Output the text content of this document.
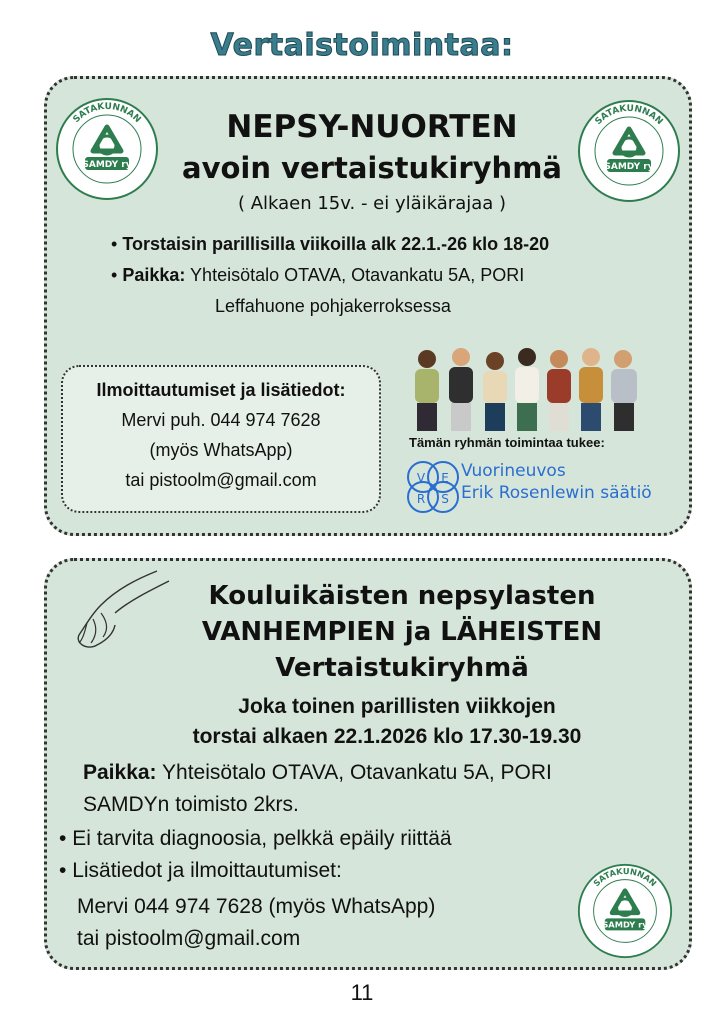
Vertaistoimintaa:
SATAKUNNAN
SAMDY ry
SATAKUNNAN
SAMDY ry
NEPSY-NUORTEN
avoin vertaistukiryhmä
( Alkaen 15v. - ei yläikärajaa )
• Torstaisin parillisilla viikoilla alk 22.1.-26 klo 18-20
• Paikka: Yhteisötalo OTAVA, Otavankatu 5A, PORI
Leffahuone pohjakerroksessa
Ilmoittautumiset ja lisätiedot:
Mervi puh. 044 974 7628
(myös WhatsApp)
tai pistoolm@gmail.com
Tämän ryhmän toimintaa tukee:
V E
R S
Vuorineuvos
Erik Rosenlewin säätiö
Kouluikäisten nepsylasten
VANHEMPIEN ja LÄHEISTEN
Vertaistukiryhmä
Joka toinen parillisten viikkojen
torstai alkaen 22.1.2026 klo 17.30-19.30
Paikka: Yhteisötalo OTAVA, Otavankatu 5A, PORI
SAMDYn toimisto 2krs.
• Ei tarvita diagnoosia, pelkkä epäily riittää
• Lisätiedot ja ilmoittautumiset:
Mervi 044 974 7628 (myös WhatsApp)
tai pistoolm@gmail.com
SATAKUNNAN
SAMDY ry
11
